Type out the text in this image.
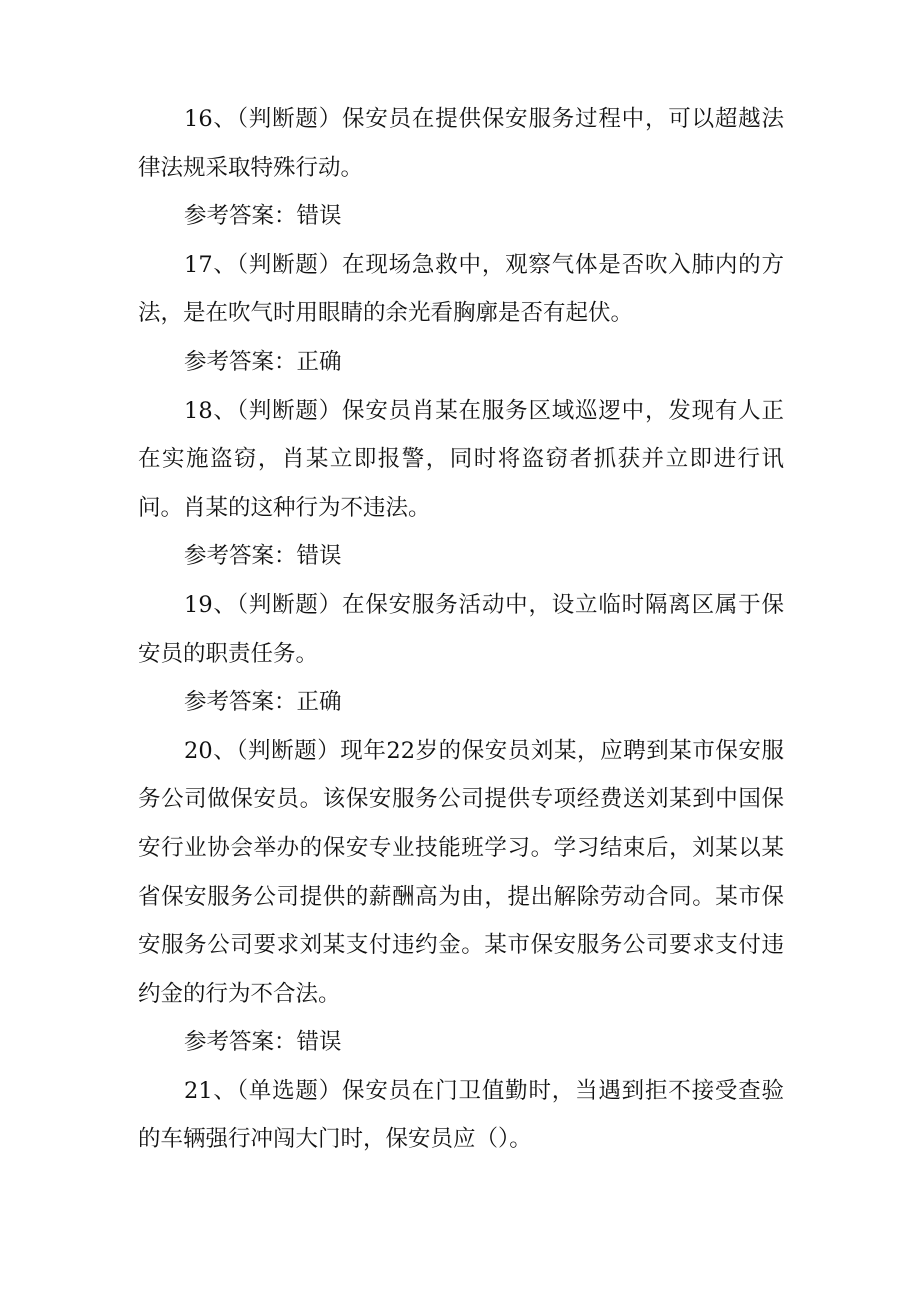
16、（判断题）保安员在提供保安服务过程中，可以超越法律法规采取特殊行动。

参考答案：错误

17、（判断题）在现场急救中，观察气体是否吹入肺内的方法，是在吹气时用眼睛的余光看胸廓是否有起伏。

参考答案：正确

18、（判断题）保安员肖某在服务区域巡逻中，发现有人正在实施盗窃，肖某立即报警，同时将盗窃者抓获并立即进行讯问。肖某的这种行为不违法。

参考答案：错误

19、（判断题）在保安服务活动中，设立临时隔离区属于保安员的职责任务。

参考答案：正确

20、（判断题）现年22岁的保安员刘某，应聘到某市保安服务公司做保安员。该保安服务公司提供专项经费送刘某到中国保安行业协会举办的保安专业技能班学习。学习结束后，刘某以某省保安服务公司提供的薪酬高为由，提出解除劳动合同。某市保安服务公司要求刘某支付违约金。某市保安服务公司要求支付违约金的行为不合法。

参考答案：错误

21、（单选题）保安员在门卫值勤时，当遇到拒不接受查验的车辆强行冲闯大门时，保安员应（）。
